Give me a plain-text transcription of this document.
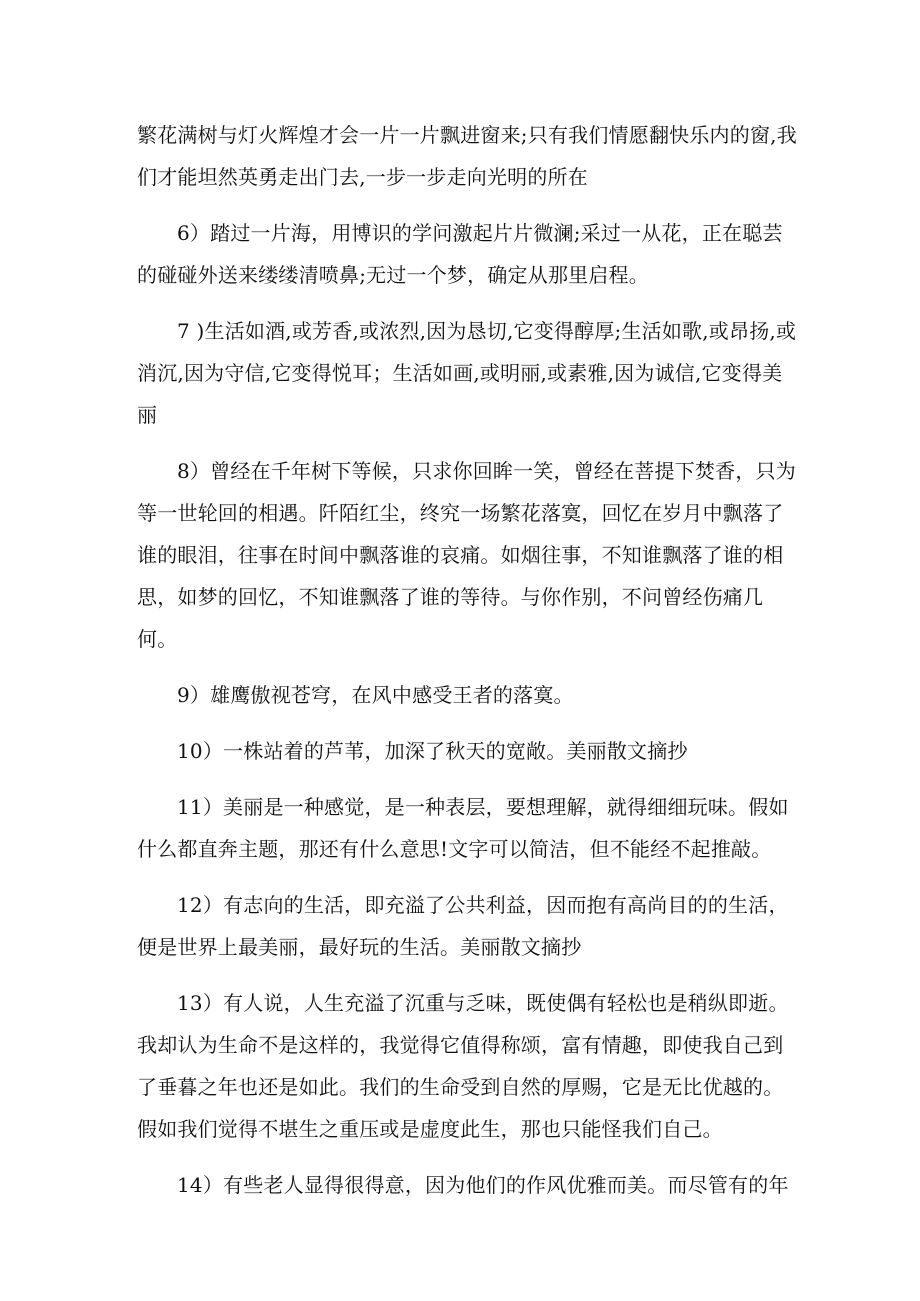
繁花满树与灯火辉煌才会一片一片飘进窗来;只有我们情愿翻快乐内的窗,我们才能坦然英勇走出门去,一步一步走向光明的所在

6）踏过一片海，用博识的学问激起片片微澜;采过一从花，正在聪芸的碰碰外送来缕缕清喷鼻;无过一个梦，确定从那里启程。

7 )生活如酒,或芳香,或浓烈,因为恳切,它变得醇厚;生活如歌,或昂扬,或消沉,因为守信,它变得悦耳；生活如画,或明丽,或素雅,因为诚信,它变得美丽

8）曾经在千年树下等候，只求你回眸一笑，曾经在菩提下焚香，只为等一世轮回的相遇。阡陌红尘，终究一场繁花落寞，回忆在岁月中飘落了谁的眼泪，往事在时间中飘落谁的哀痛。如烟往事，不知谁飘落了谁的相思，如梦的回忆，不知谁飘落了谁的等待。与你作别，不问曾经伤痛几何。

9）雄鹰傲视苍穹，在风中感受王者的落寞。

10）一株站着的芦苇，加深了秋天的宽敞。美丽散文摘抄

11）美丽是一种感觉，是一种表层，要想理解，就得细细玩味。假如什么都直奔主题，那还有什么意思!文字可以简洁，但不能经不起推敲。

12）有志向的生活，即充溢了公共利益，因而抱有高尚目的的生活，便是世界上最美丽，最好玩的生活。美丽散文摘抄

13）有人说，人生充溢了沉重与乏味，既使偶有轻松也是稍纵即逝。我却认为生命不是这样的，我觉得它值得称颂，富有情趣，即使我自己到了垂暮之年也还是如此。我们的生命受到自然的厚赐，它是无比优越的。假如我们觉得不堪生之重压或是虚度此生，那也只能怪我们自己。

14）有些老人显得很得意，因为他们的作风优雅而美。而尽管有的年
